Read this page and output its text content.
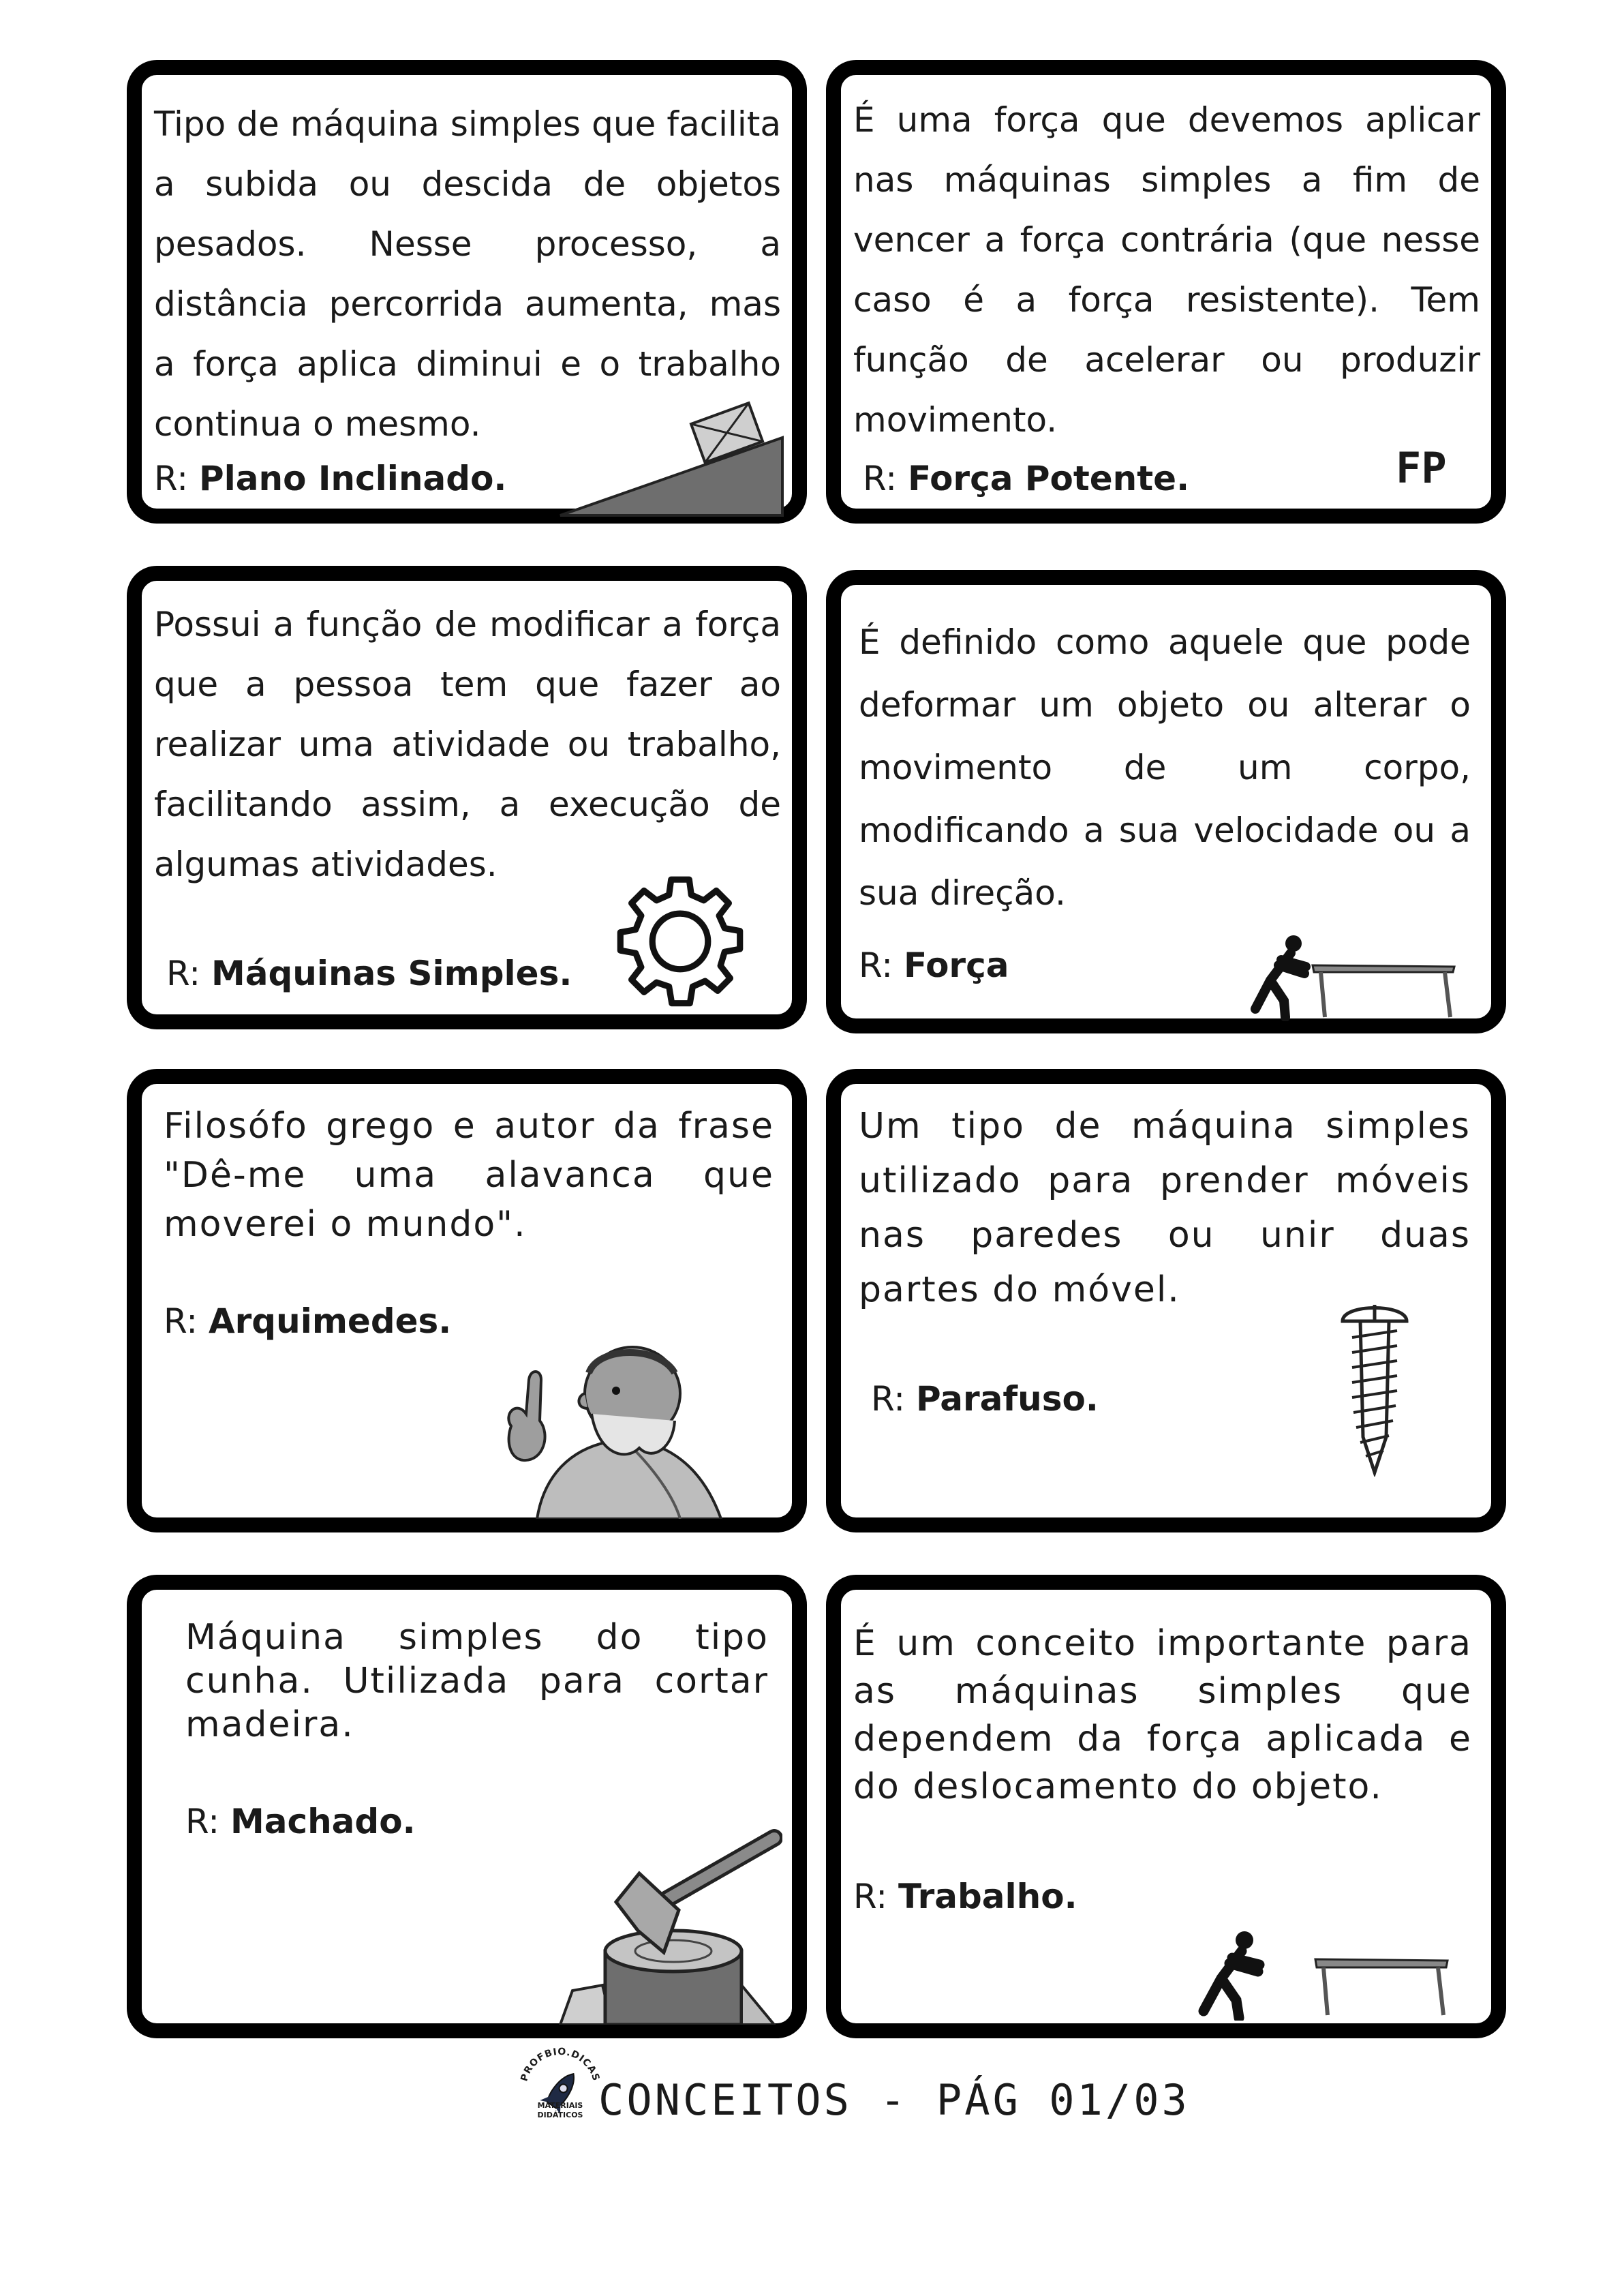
Tipo de máquina simples que facilita a subida ou descida de objetos pesados. Nesse processo, a distância percorrida aumenta, mas a força aplica diminui e o trabalho continua o mesmo.
R: Plano Inclinado.
É uma força que devemos aplicar nas máquinas simples a fim de vencer a força contrária (que nesse caso é a força resistente). Tem função de acelerar ou produzir movimento.
R: Força Potente.	FP
Possui a função de modificar a força que a pessoa tem que fazer ao realizar uma atividade ou trabalho, facilitando assim, a execução de algumas atividades.
R: Máquinas Simples.
É definido como aquele que pode deformar um objeto ou alterar o movimento de um corpo, modificando a sua velocidade ou a sua direção.
R: Força
Filosófo grego e autor da frase "Dê-me uma alavanca que moverei o mundo".
R: Arquimedes.
Um tipo de máquina simples utilizado para prender móveis nas paredes ou unir duas partes do móvel.
R: Parafuso.
Máquina simples do tipo cunha. Utilizada para cortar madeira.
R: Machado.
É um conceito importante para as máquinas simples que dependem da força aplicada e do deslocamento do objeto.
R: Trabalho.
PROFBIO.DICAS
MATERIAIS DIDÁTICOS CONCEITOS - PÁG 01/03
